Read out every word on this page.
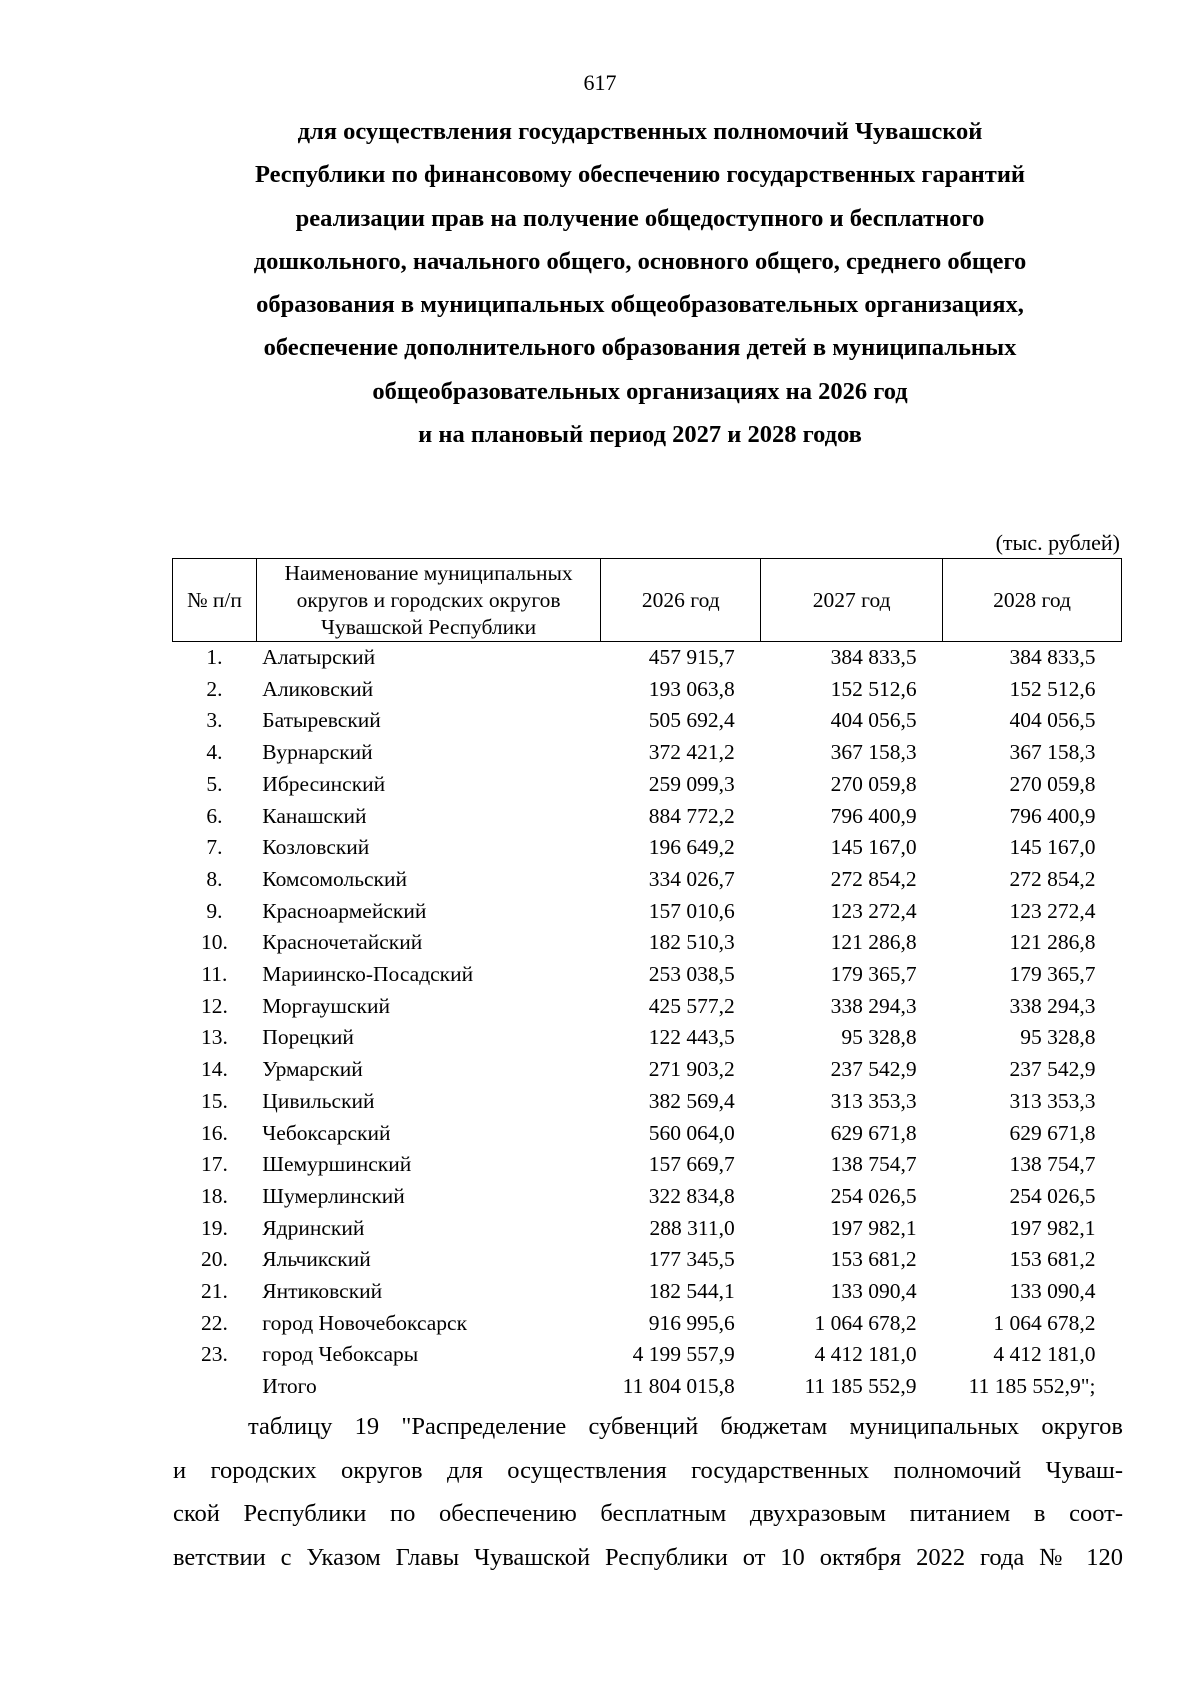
617
для осуществления государственных полномочий Чувашской
Республики по финансовому обеспечению государственных гарантий
реализации прав на получение общедоступного и бесплатного
дошкольного, начального общего, основного общего, среднего общего
образования в муниципальных общеобразовательных организациях,
обеспечение дополнительного образования детей в муниципальных
общеобразовательных организациях на 2026 год
и на плановый период 2027 и 2028 годов
(тыс. рублей)
№ п/п	Наименование муниципальных округов и городских округов Чувашской Республики	2026 год	2027 год	2028 год
1.	Алатырский	457 915,7	384 833,5	384 833,5
2.	Аликовский	193 063,8	152 512,6	152 512,6
3.	Батыревский	505 692,4	404 056,5	404 056,5
4.	Вурнарский	372 421,2	367 158,3	367 158,3
5.	Ибресинский	259 099,3	270 059,8	270 059,8
6.	Канашский	884 772,2	796 400,9	796 400,9
7.	Козловский	196 649,2	145 167,0	145 167,0
8.	Комсомольский	334 026,7	272 854,2	272 854,2
9.	Красноармейский	157 010,6	123 272,4	123 272,4
10.	Красночетайский	182 510,3	121 286,8	121 286,8
11.	Мариинско-Посадский	253 038,5	179 365,7	179 365,7
12.	Моргаушский	425 577,2	338 294,3	338 294,3
13.	Порецкий	122 443,5	95 328,8	95 328,8
14.	Урмарский	271 903,2	237 542,9	237 542,9
15.	Цивильский	382 569,4	313 353,3	313 353,3
16.	Чебоксарский	560 064,0	629 671,8	629 671,8
17.	Шемуршинский	157 669,7	138 754,7	138 754,7
18.	Шумерлинский	322 834,8	254 026,5	254 026,5
19.	Ядринский	288 311,0	197 982,1	197 982,1
20.	Яльчикский	177 345,5	153 681,2	153 681,2
21.	Янтиковский	182 544,1	133 090,4	133 090,4
22.	город Новочебоксарск	916 995,6	1 064 678,2	1 064 678,2
23.	город Чебоксары	4 199 557,9	4 412 181,0	4 412 181,0
	Итого	11 804 015,8	11 185 552,9	11 185 552,9";
таблицу 19 "Распределение субвенций бюджетам муниципальных округов
и городских округов для осуществления государственных полномочий Чуваш-
ской Республики по обеспечению бесплатным двухразовым питанием в соот-
ветствии с Указом Главы Чувашской Республики от 10 октября 2022 года № 120
